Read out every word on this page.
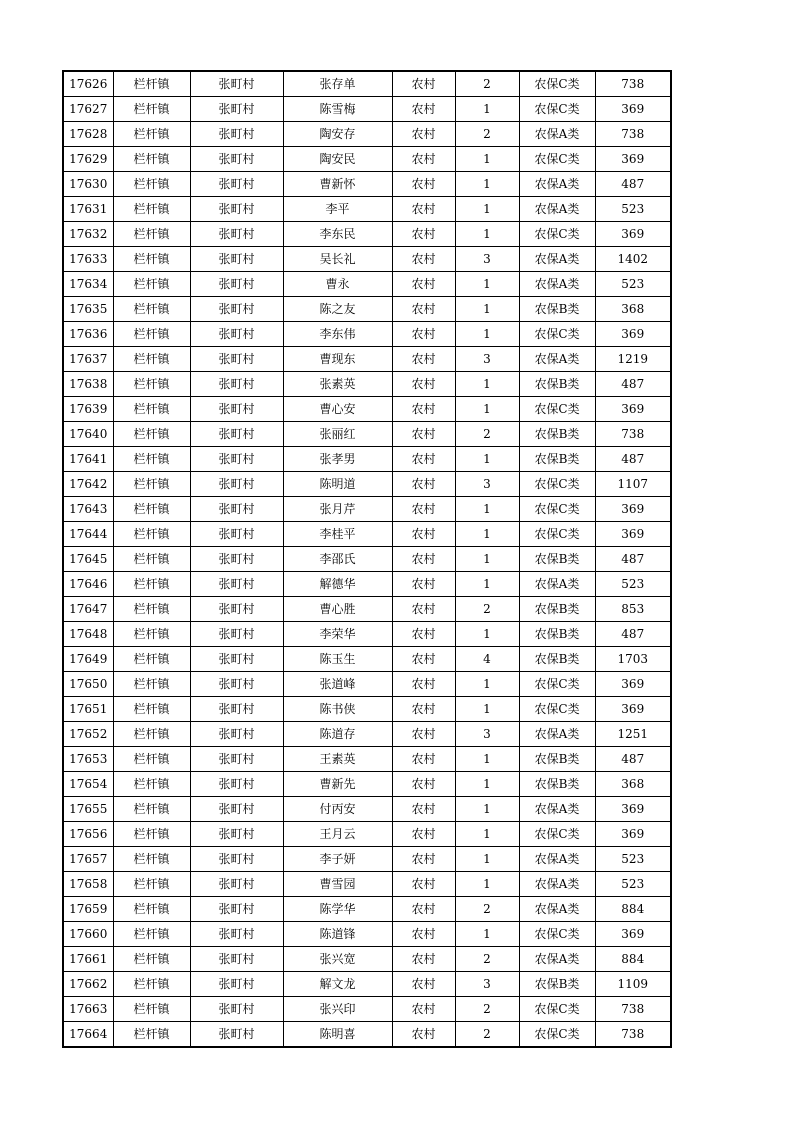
17626	栏杆镇	张町村	张存单	农村	2	农保C类	738
17627	栏杆镇	张町村	陈雪梅	农村	1	农保C类	369
17628	栏杆镇	张町村	陶安存	农村	2	农保A类	738
17629	栏杆镇	张町村	陶安民	农村	1	农保C类	369
17630	栏杆镇	张町村	曹新怀	农村	1	农保A类	487
17631	栏杆镇	张町村	李平	农村	1	农保A类	523
17632	栏杆镇	张町村	李东民	农村	1	农保C类	369
17633	栏杆镇	张町村	吴长礼	农村	3	农保A类	1402
17634	栏杆镇	张町村	曹永	农村	1	农保A类	523
17635	栏杆镇	张町村	陈之友	农村	1	农保B类	368
17636	栏杆镇	张町村	李东伟	农村	1	农保C类	369
17637	栏杆镇	张町村	曹现东	农村	3	农保A类	1219
17638	栏杆镇	张町村	张素英	农村	1	农保B类	487
17639	栏杆镇	张町村	曹心安	农村	1	农保C类	369
17640	栏杆镇	张町村	张丽红	农村	2	农保B类	738
17641	栏杆镇	张町村	张孝男	农村	1	农保B类	487
17642	栏杆镇	张町村	陈明道	农村	3	农保C类	1107
17643	栏杆镇	张町村	张月芹	农村	1	农保C类	369
17644	栏杆镇	张町村	李桂平	农村	1	农保C类	369
17645	栏杆镇	张町村	李邵氏	农村	1	农保B类	487
17646	栏杆镇	张町村	解德华	农村	1	农保A类	523
17647	栏杆镇	张町村	曹心胜	农村	2	农保B类	853
17648	栏杆镇	张町村	李荣华	农村	1	农保B类	487
17649	栏杆镇	张町村	陈玉生	农村	4	农保B类	1703
17650	栏杆镇	张町村	张道峰	农村	1	农保C类	369
17651	栏杆镇	张町村	陈书侠	农村	1	农保C类	369
17652	栏杆镇	张町村	陈道存	农村	3	农保A类	1251
17653	栏杆镇	张町村	王素英	农村	1	农保B类	487
17654	栏杆镇	张町村	曹新先	农村	1	农保B类	368
17655	栏杆镇	张町村	付丙安	农村	1	农保A类	369
17656	栏杆镇	张町村	王月云	农村	1	农保C类	369
17657	栏杆镇	张町村	李子妍	农村	1	农保A类	523
17658	栏杆镇	张町村	曹雪园	农村	1	农保A类	523
17659	栏杆镇	张町村	陈学华	农村	2	农保A类	884
17660	栏杆镇	张町村	陈道锋	农村	1	农保C类	369
17661	栏杆镇	张町村	张兴宽	农村	2	农保A类	884
17662	栏杆镇	张町村	解文龙	农村	3	农保B类	1109
17663	栏杆镇	张町村	张兴印	农村	2	农保C类	738
17664	栏杆镇	张町村	陈明喜	农村	2	农保C类	738
